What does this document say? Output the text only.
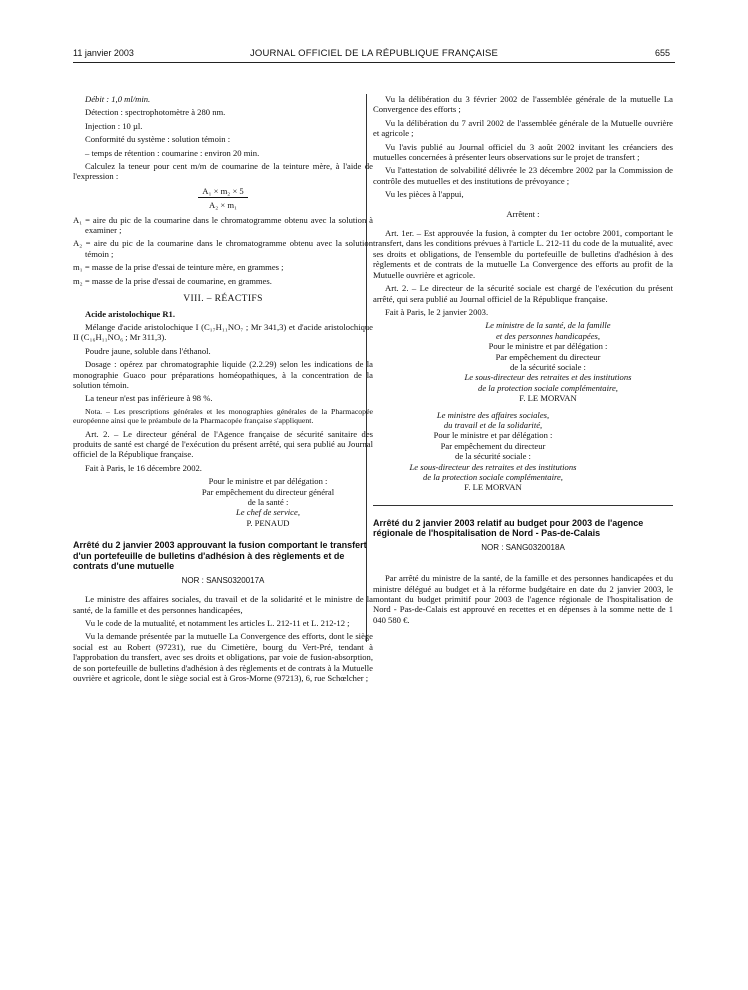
11 janvier 2003	JOURNAL OFFICIEL DE LA RÉPUBLIQUE FRANÇAISE	655

Débit : 1,0 ml/min.

Détection : spectrophotomètre à 280 nm.

Injection : 10 µl.

Conformité du système : solution témoin :

– temps de rétention : coumarine : environ 20 min.

Calculez la teneur pour cent m/m de coumarine de la teinture mère, à l'aide de l'expression :

A₁ × m₂ × 5
A₂ × m₁

A₁ = aire du pic de la coumarine dans le chromatogramme obtenu avec la solution à examiner ;

A₂ = aire du pic de la coumarine dans le chromatogramme obtenu avec la solution témoin ;

m₁ = masse de la prise d'essai de teinture mère, en grammes ;

m₂ = masse de la prise d'essai de coumarine, en grammes.

VIII. – RÉACTIFS

Acide aristolochique R1.

Mélange d'acide aristolochique I (C₁₇H₁₁NO₇ ; Mr 341,3) et d'acide aristolochique II (C₁₆H₁₁NO₆ ; Mr 311,3).

Poudre jaune, soluble dans l'éthanol.

Dosage : opérez par chromatographie liquide (2.2.29) selon les indications de la monographie Guaco pour préparations homéopathiques, à la concentration de la solution témoin.

La teneur n'est pas inférieure à 98 %.

Nota. – Les prescriptions générales et les monographies générales de la Pharmacopée européenne ainsi que le préambule de la Pharmacopée française s'appliquent.

Art. 2. – Le directeur général de l'Agence française de sécurité sanitaire des produits de santé est chargé de l'exécution du présent arrêté, qui sera publié au Journal officiel de la République française.

Fait à Paris, le 16 décembre 2002.

Pour le ministre et par délégation :
Par empêchement du directeur général
de la santé :
Le chef de service,
P. PENAUD
Arrêté du 2 janvier 2003 approuvant la fusion comportant le transfert d'un portefeuille de bulletins d'adhésion à des règlements et de contrats d'une mutuelle
NOR : SANS0320017A

Le ministre des affaires sociales, du travail et de la solidarité et le ministre de la santé, de la famille et des personnes handicapées,

Vu le code de la mutualité, et notamment les articles L. 212-11 et L. 212-12 ;

Vu la demande présentée par la mutuelle La Convergence des efforts, dont le siège social est au Robert (97231), rue du Cimetière, bourg du Vert-Pré, tendant à l'approbation du transfert, avec ses droits et obligations, par voie de fusion-absorption, de son portefeuille de bulletins d'adhésion à des règlements et de contrats à la Mutuelle ouvrière et agricole, dont le siège social est à Gros-Morne (97213), 6, rue Schœlcher ;

Vu la délibération du 3 février 2002 de l'assemblée générale de la mutuelle La Convergence des efforts ;

Vu la délibération du 7 avril 2002 de l'assemblée générale de la Mutuelle ouvrière et agricole ;

Vu l'avis publié au Journal officiel du 3 août 2002 invitant les créanciers des mutuelles concernées à présenter leurs observations sur le projet de transfert ;

Vu l'attestation de solvabilité délivrée le 23 décembre 2002 par la Commission de contrôle des mutuelles et des institutions de prévoyance ;

Vu les pièces à l'appui,

Arrêtent :

Art. 1er. – Est approuvée la fusion, à compter du 1er octobre 2001, comportant le transfert, dans les conditions prévues à l'article L. 212-11 du code de la mutualité, avec ses droits et obligations, de l'ensemble du portefeuille de bulletins d'adhésion à des règlements et de contrats de la mutuelle La Convergence des efforts au profit de la Mutuelle ouvrière et agricole.

Art. 2. – Le directeur de la sécurité sociale est chargé de l'exécution du présent arrêté, qui sera publié au Journal officiel de la République française.

Fait à Paris, le 2 janvier 2003.

Le ministre de la santé, de la famille
et des personnes handicapées,
Pour le ministre et par délégation :
Par empêchement du directeur
de la sécurité sociale :
Le sous-directeur des retraites et des institutions
de la protection sociale complémentaire,
F. LE MORVAN
Le ministre des affaires sociales,
du travail et de la solidarité,
Pour le ministre et par délégation :
Par empêchement du directeur
de la sécurité sociale :
Le sous-directeur des retraites et des institutions
de la protection sociale complémentaire,
F. LE MORVAN
Arrêté du 2 janvier 2003 relatif au budget pour 2003 de l'agence régionale de l'hospitalisation de Nord - Pas-de-Calais
NOR : SANG0320018A

Par arrêté du ministre de la santé, de la famille et des personnes handicapées et du ministre délégué au budget et à la réforme budgétaire en date du 2 janvier 2003, le montant du budget primitif pour 2003 de l'agence régionale de l'hospitalisation de Nord - Pas-de-Calais est approuvé en recettes et en dépenses à la somme nette de 1 040 580 €.
